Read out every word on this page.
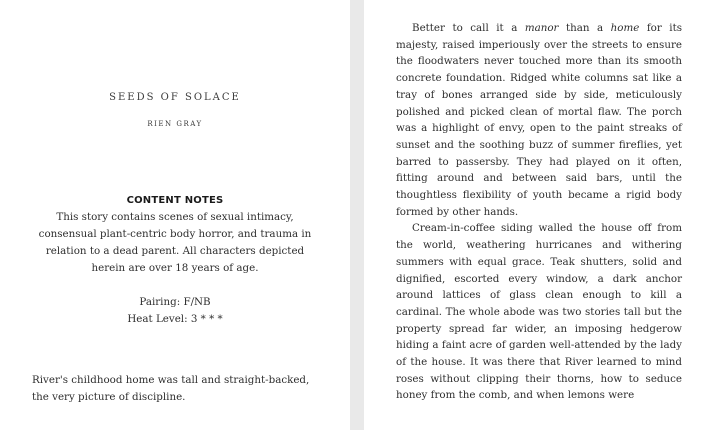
SEEDS OF SOLACE
RIEN GRAY
CONTENT NOTES

This story contains scenes of sexual intimacy, consensual plant-centric body horror, and trauma in relation to a dead parent. All characters depicted herein are over 18 years of age.

Pairing: F/NB
Heat Level: 3 * * *
River's childhood home was tall and straight-backed, the very picture of discipline.

Better to call it a manor than a home for its majesty, raised imperiously over the streets to ensure the floodwaters never touched more than its smooth concrete foundation. Ridged white columns sat like a tray of bones arranged side by side, meticulously polished and picked clean of mortal flaw. The porch was a highlight of envy, open to the paint streaks of sunset and the soothing buzz of summer fireflies, yet barred to passersby. They had played on it often, fitting around and between said bars, until the thoughtless flexibility of youth became a rigid body formed by other hands.

Cream-in-coffee siding walled the house off from the world, weathering hurricanes and withering summers with equal grace. Teak shutters, solid and dignified, escorted every window, a dark anchor around lattices of glass clean enough to kill a cardinal. The whole abode was two stories tall but the property spread far wider, an imposing hedgerow hiding a faint acre of garden well-attended by the lady of the house. It was there that River learned to mind roses without clipping their thorns, how to seduce honey from the comb, and when lemons were
